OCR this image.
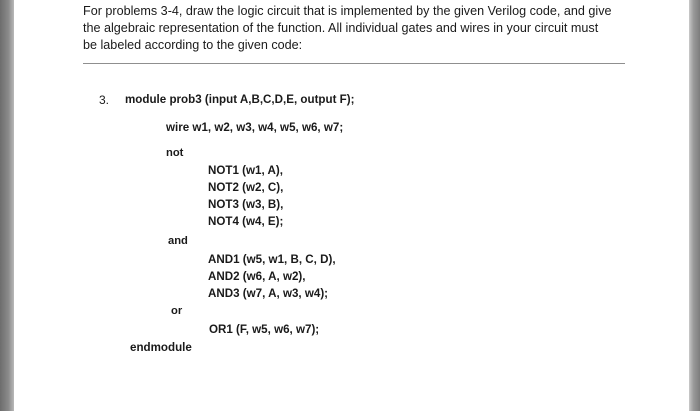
For problems 3-4, draw the logic circuit that is implemented by the given Verilog code, and give
the algebraic representation of the function. All individual gates and wires in your circuit must
be labeled according to the given code:
3. module prob3 (input A,B,C,D,E, output F);
wire w1, w2, w3, w4, w5, w6, w7;
not
NOT1 (w1, A),
NOT2 (w2, C),
NOT3 (w3, B),
NOT4 (w4, E);
and
AND1 (w5, w1, B, C, D),
AND2 (w6, A, w2),
AND3 (w7, A, w3, w4);
or
OR1 (F, w5, w6, w7);
endmodule
